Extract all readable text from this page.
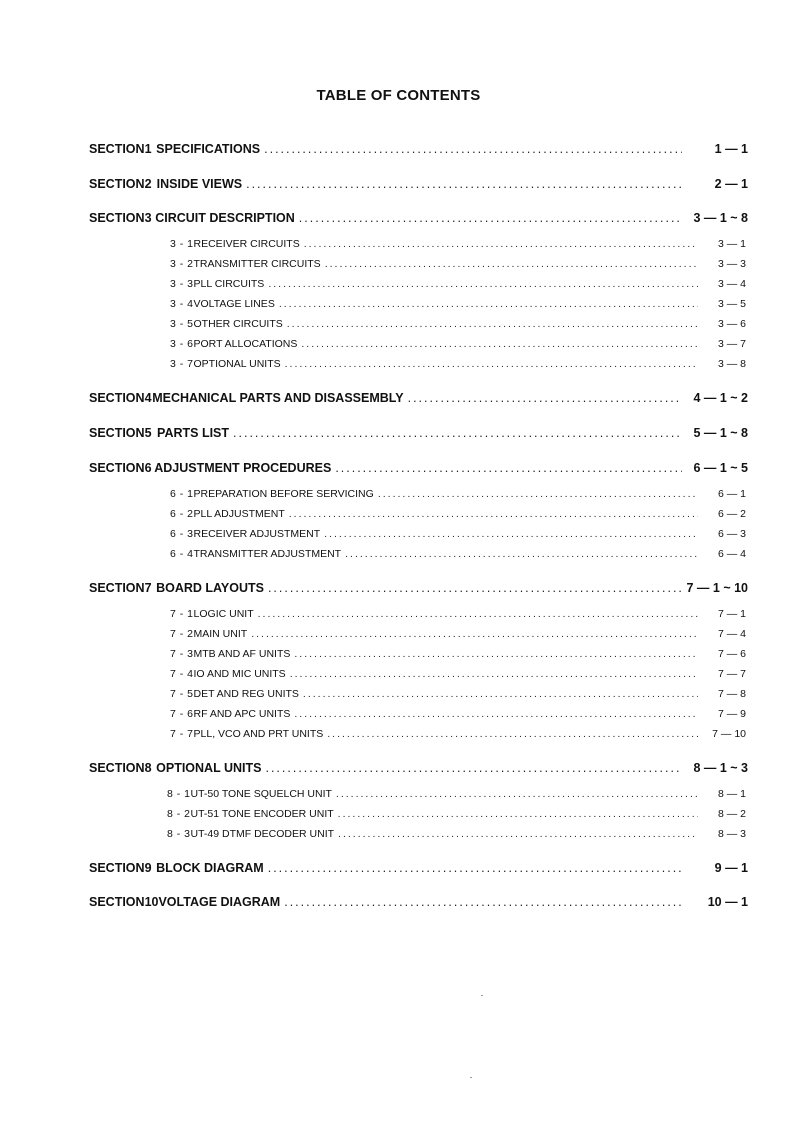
TABLE OF CONTENTS
SECTION 1 SPECIFICATIONS .....	1 — 1
SECTION 2 INSIDE VIEWS .....	2 — 1
SECTION 3 CIRCUIT DESCRIPTION .....	3 — 1 ~ 8
3 - 1 RECEIVER CIRCUITS .....	3 — 1
3 - 2 TRANSMITTER CIRCUITS .....	3 — 3
3 - 3 PLL CIRCUITS .....	3 — 4
3 - 4 VOLTAGE LINES .....	3 — 5
3 - 5 OTHER CIRCUITS .....	3 — 6
3 - 6 PORT ALLOCATIONS .....	3 — 7
3 - 7 OPTIONAL UNITS .....	3 — 8
SECTION 4 MECHANICAL PARTS AND DISASSEMBLY .....	4 — 1 ~ 2
SECTION 5 PARTS LIST .....	5 — 1 ~ 8
SECTION 6 ADJUSTMENT PROCEDURES .....	6 — 1 ~ 5
6 - 1 PREPARATION BEFORE SERVICING .....	6 — 1
6 - 2 PLL ADJUSTMENT .....	6 — 2
6 - 3 RECEIVER ADJUSTMENT .....	6 — 3
6 - 4 TRANSMITTER ADJUSTMENT .....	6 — 4
SECTION 7 BOARD LAYOUTS .....	7 — 1 ~ 10
7 - 1 LOGIC UNIT .....	7 — 1
7 - 2 MAIN UNIT .....	7 — 4
7 - 3 MTB AND AF UNITS .....	7 — 6
7 - 4 IO AND MIC UNITS .....	7 — 7
7 - 5 DET AND REG UNITS .....	7 — 8
7 - 6 RF AND APC UNITS .....	7 — 9
7 - 7 PLL, VCO AND PRT UNITS .....	7 — 10
SECTION 8 OPTIONAL UNITS .....	8 — 1 ~ 3
8 - 1 UT-50 TONE SQUELCH UNIT .....	8 — 1
8 - 2 UT-51 TONE ENCODER UNIT .....	8 — 2
8 - 3 UT-49 DTMF DECODER UNIT .....	8 — 3
SECTION 9 BLOCK DIAGRAM .....	9 — 1
SECTION 10 VOLTAGE DIAGRAM .....	10 — 1
